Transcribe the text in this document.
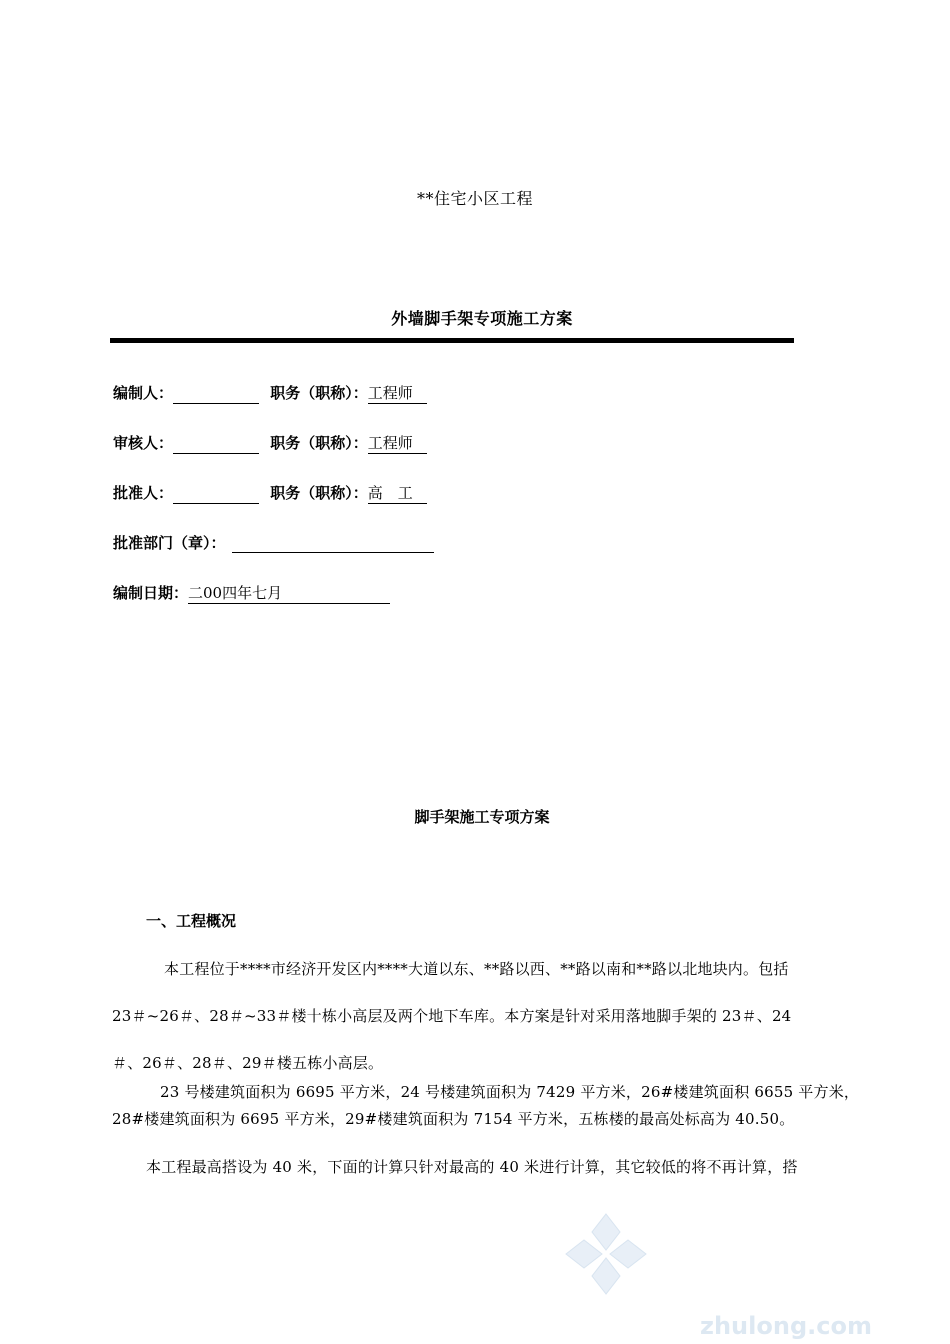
**住宅小区工程
外墙脚手架专项施工方案
编制人：	职务（职称）：工程师
审核人：	职务（职称）：工程师
批准人：	职务（职称）：高　工
批准部门（章）：
编制日期：二00四年七月
脚手架施工专项方案
一、工程概况
本工程位于****市经济开发区内****大道以东、**路以西、**路以南和**路以北地块内。包括
23＃~26＃、28＃~33＃楼十栋小高层及两个地下车库。本方案是针对采用落地脚手架的 23＃、24
＃、26＃、28＃、29＃楼五栋小高层。
23 号楼建筑面积为 6695 平方米，24 号楼建筑面积为 7429 平方米，26#楼建筑面积 6655 平方米，
28#楼建筑面积为 6695 平方米，29#楼建筑面积为 7154 平方米，五栋楼的最高处标高为 40.50。
本工程最高搭设为 40 米，下面的计算只针对最高的 40 米进行计算，其它较低的将不再计算，搭
zhulong.com
